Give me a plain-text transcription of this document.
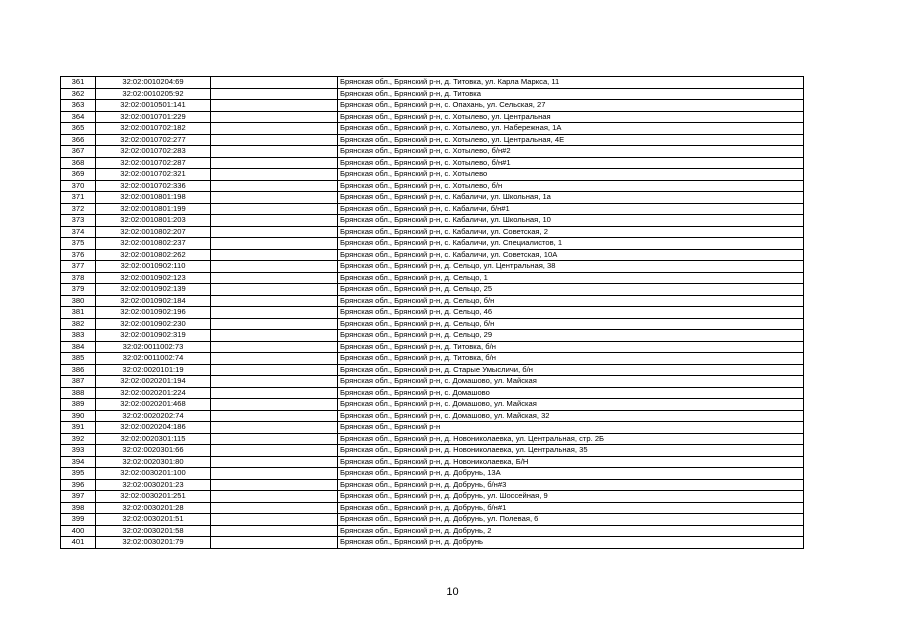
361	32:02:0010204:69		Брянская обл., Брянский р-н, д. Титовка, ул. Карла Маркса, 11
362	32:02:0010205:92		Брянская обл., Брянский р-н, д. Титовка
363	32:02:0010501:141		Брянская обл., Брянский р-н, с. Опахань, ул. Сельская, 27
364	32:02:0010701:229		Брянская обл., Брянский р-н, с. Хотылево, ул. Центральная
365	32:02:0010702:182		Брянская обл., Брянский р-н, с. Хотылево, ул. Набережная, 1А
366	32:02:0010702:277		Брянская обл., Брянский р-н, с. Хотылево, ул. Центральная, 4Е
367	32:02:0010702:283		Брянская обл., Брянский р-н, с. Хотылево, б/н#2
368	32:02:0010702:287		Брянская обл., Брянский р-н, с. Хотылево, б/н#1
369	32:02:0010702:321		Брянская обл., Брянский р-н, с. Хотылево
370	32:02:0010702:336		Брянская обл., Брянский р-н, с. Хотылево, б/н
371	32:02:0010801:198		Брянская обл., Брянский р-н, с. Кабаличи, ул. Школьная, 1а
372	32:02:0010801:199		Брянская обл., Брянский р-н, с. Кабаличи, б/н#1
373	32:02:0010801:203		Брянская обл., Брянский р-н, с. Кабаличи, ул. Школьная, 10
374	32:02:0010802:207		Брянская обл., Брянский р-н, с. Кабаличи, ул. Советская, 2
375	32:02:0010802:237		Брянская обл., Брянский р-н, с. Кабаличи, ул. Специалистов, 1
376	32:02:0010802:262		Брянская обл., Брянский р-н, с. Кабаличи, ул. Советская, 10А
377	32:02:0010902:110		Брянская обл., Брянский р-н, д. Сельцо, ул. Центральная, 38
378	32:02:0010902:123		Брянская обл., Брянский р-н, д. Сельцо, 1
379	32:02:0010902:139		Брянская обл., Брянский р-н, д. Сельцо, 25
380	32:02:0010902:184		Брянская обл., Брянский р-н, д. Сельцо, б/н
381	32:02:0010902:196		Брянская обл., Брянский р-н, д. Сельцо, 46
382	32:02:0010902:230		Брянская обл., Брянский р-н, д. Сельцо, б/н
383	32:02:0010902:319		Брянская обл., Брянский р-н, д. Сельцо, 29
384	32:02:0011002:73		Брянская обл., Брянский р-н, д. Титовка, б/н
385	32:02:0011002:74		Брянская обл., Брянский р-н, д. Титовка, б/н
386	32:02:0020101:19		Брянская обл., Брянский р-н, д. Старые Умысличи, б/н
387	32:02:0020201:194		Брянская обл., Брянский р-н, с. Домашово, ул. Майская
388	32:02:0020201:224		Брянская обл., Брянский р-н, с. Домашово
389	32:02:0020201:468		Брянская обл., Брянский р-н, с. Домашово, ул. Майская
390	32:02:0020202:74		Брянская обл., Брянский р-н, с. Домашово, ул. Майская, 32
391	32:02:0020204:186		Брянская обл., Брянский р-н
392	32:02:0020301:115		Брянская обл., Брянский р-н, д. Новониколаевка, ул. Центральная, стр. 2Б
393	32:02:0020301:66		Брянская обл., Брянский р-н, д. Новониколаевка, ул. Центральная, 35
394	32:02:0020301:80		Брянская обл., Брянский р-н, д. Новониколаевка, Б/Н
395	32:02:0030201:100		Брянская обл., Брянский р-н, д. Добрунь, 13А
396	32:02:0030201:23		Брянская обл., Брянский р-н, д. Добрунь, б/н#3
397	32:02:0030201:251		Брянская обл., Брянский р-н, д. Добрунь, ул. Шоссейная, 9
398	32:02:0030201:28		Брянская обл., Брянский р-н, д. Добрунь, б/н#1
399	32:02:0030201:51		Брянская обл., Брянский р-н, д. Добрунь, ул. Полевая, 6
400	32:02:0030201:58		Брянская обл., Брянский р-н, д. Добрунь, 2
401	32:02:0030201:79		Брянская обл., Брянский р-н, д. Добрунь
10
